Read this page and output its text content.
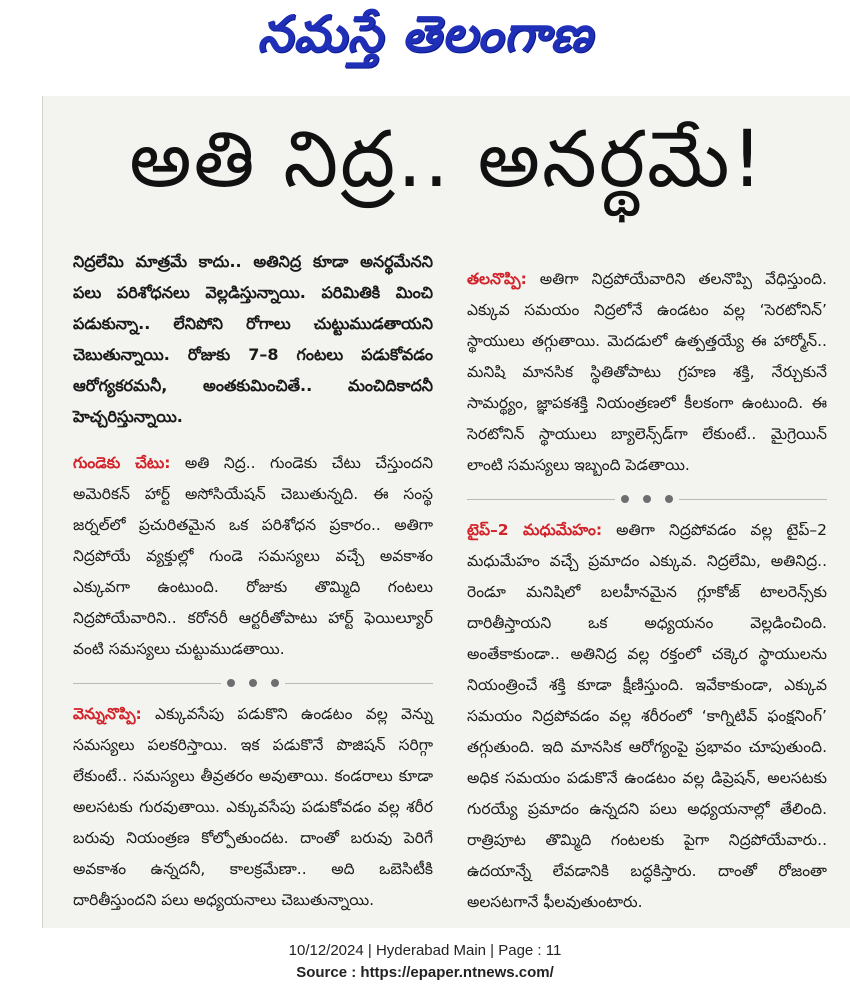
నమస్తే తెలంగాణ
అతి నిద్ర.. అనర్థమే!

నిద్రలేమి మాత్రమే కాదు.. అతినిద్ర కూడా అనర్థమేనని పలు పరిశోధనలు వెల్లడిస్తున్నాయి. పరిమితికి మించి పడుకున్నా.. లేనిపోని రోగాలు చుట్టుముడతాయని చెబుతున్నాయి. రోజుకు 7–8 గంటలు పడుకోవడం ఆరోగ్యకరమనీ, అంతకుమించితే.. మంచిదికాదనీ హెచ్చరిస్తున్నాయి.

గుండెకు చేటు: అతి నిద్ర.. గుండెకు చేటు చేస్తుందని అమెరికన్ హార్ట్ అసోసియేషన్ చెబుతున్నది. ఈ సంస్థ జర్నల్‌లో ప్రచురితమైన ఒక పరిశోధన ప్రకారం.. అతిగా నిద్రపోయే వ్యక్తుల్లో గుండె సమస్యలు వచ్చే అవకాశం ఎక్కువగా ఉంటుంది. రోజుకు తొమ్మిది గంటలు నిద్రపోయేవారిని.. కరోనరీ ఆర్టరీతోపాటు హార్ట్ ఫెయిల్యూర్ వంటి సమస్యలు చుట్టుముడతాయి.

వెన్నునొప్పి: ఎక్కువసేపు పడుకొని ఉండటం వల్ల వెన్ను సమస్యలు పలకరిస్తాయి. ఇక పడుకొనే పొజిషన్ సరిగ్గా లేకుంటే.. సమస్యలు తీవ్రతరం అవుతాయి. కండరాలు కూడా అలసటకు గురవుతాయి. ఎక్కువసేపు పడుకోవడం వల్ల శరీర బరువు నియంత్రణ కోల్పోతుందట. దాంతో బరువు పెరిగే అవకాశం ఉన్నదనీ, కాలక్రమేణా.. అది ఒబెసిటీకి దారితీస్తుందని పలు అధ్యయనాలు చెబుతున్నాయి.

తలనొప్పి: అతిగా నిద్రపోయేవారిని తలనొప్పి వేధిస్తుంది. ఎక్కువ సమయం నిద్రలోనే ఉండటం వల్ల ‘సెరటోనిన్’ స్థాయులు తగ్గుతాయి. మెదడులో ఉత్పత్తయ్యే ఈ హార్మోన్.. మనిషి మానసిక స్థితితోపాటు గ్రహణ శక్తి, నేర్చుకునే సామర్థ్యం, జ్ఞాపకశక్తి నియంత్రణలో కీలకంగా ఉంటుంది. ఈ సెరటోనిన్ స్థాయులు బ్యాలెన్స్‌డ్‌గా లేకుంటే.. మైగ్రెయిన్ లాంటి సమస్యలు ఇబ్బంది పెడతాయి.

టైప్‌–2 మధుమేహం: అతిగా నిద్రపోవడం వల్ల టైప్‌–2 మధుమేహం వచ్చే ప్రమాదం ఎక్కువ. నిద్రలేమి, అతినిద్ర.. రెండూ మనిషిలో బలహీనమైన గ్లూకోజ్ టాలరెన్స్‌కు దారితీస్తాయని ఒక అధ్యయనం వెల్లడించింది. అంతేకాకుండా.. అతినిద్ర వల్ల రక్తంలో చక్కెర స్థాయులను నియంత్రించే శక్తి కూడా క్షీణిస్తుంది. ఇవేకాకుండా, ఎక్కువ సమయం నిద్రపోవడం వల్ల శరీరంలో ‘కాగ్నిటివ్ ఫంక్షనింగ్’ తగ్గుతుంది. ఇది మానసిక ఆరోగ్యంపై ప్రభావం చూపుతుంది. అధిక సమయం పడుకొనే ఉండటం వల్ల డిప్రెషన్, అలసటకు గురయ్యే ప్రమాదం ఉన్నదని పలు అధ్యయనాల్లో తేలింది. రాత్రిపూట తొమ్మిది గంటలకు పైగా నిద్రపోయేవారు.. ఉదయాన్నే లేవడానికి బద్ధకిస్తారు. దాంతో రోజంతా అలసటగానే ఫీలవుతుంటారు.

10/12/2024 | Hyderabad Main | Page : 11
Source : https://epaper.ntnews.com/
